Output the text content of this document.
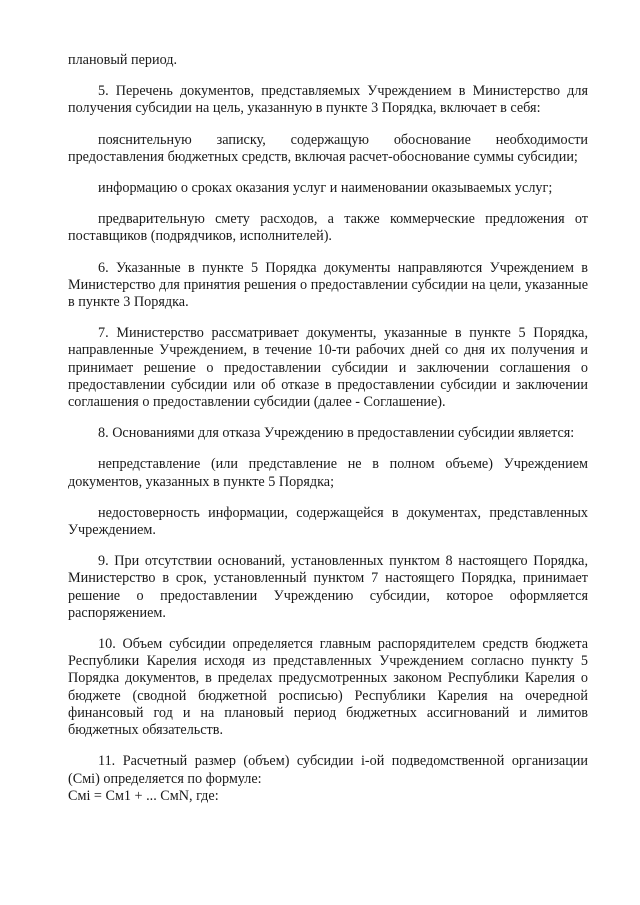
плановый период.

5. Перечень документов, представляемых Учреждением в Министерство для получения субсидии на цель, указанную в пункте 3 Порядка, включает в себя:

пояснительную записку, содержащую обоснование необходимости предоставления бюджетных средств, включая расчет-обоснование суммы субсидии;

информацию о сроках оказания услуг и наименовании оказываемых услуг;

предварительную смету расходов, а также коммерческие предложения от поставщиков (подрядчиков, исполнителей).

6. Указанные в пункте 5 Порядка документы направляются Учреждением в Министерство для принятия решения о предоставлении субсидии на цели, указанные в пункте 3 Порядка.

7. Министерство рассматривает документы, указанные в пункте 5 Порядка, направленные Учреждением, в течение 10-ти рабочих дней со дня их получения и принимает решение о предоставлении субсидии и заключении соглашения о предоставлении субсидии или об отказе в предоставлении субсидии и заключении соглашения о предоставлении субсидии (далее - Соглашение).

8. Основаниями для отказа Учреждению в предоставлении субсидии является:

непредставление (или представление не в полном объеме) Учреждением документов, указанных в пункте 5 Порядка;

недостоверность информации, содержащейся в документах, представленных Учреждением.

9. При отсутствии оснований, установленных пунктом 8 настоящего Порядка, Министерство в срок, установленный пунктом 7 настоящего Порядка, принимает решение о предоставлении Учреждению субсидии, которое оформляется распоряжением.

10. Объем субсидии определяется главным распорядителем средств бюджета Республики Карелия исходя из представленных Учреждением согласно пункту 5 Порядка документов, в пределах предусмотренных законом Республики Карелия о бюджете (сводной бюджетной росписью) Республики Карелия на очередной финансовый год и на плановый период бюджетных ассигнований и лимитов бюджетных обязательств.

11. Расчетный размер (объем) субсидии i-ой подведомственной организации (Смi) определяется по формуле:

Смi = См1 + ... СмN, где:
